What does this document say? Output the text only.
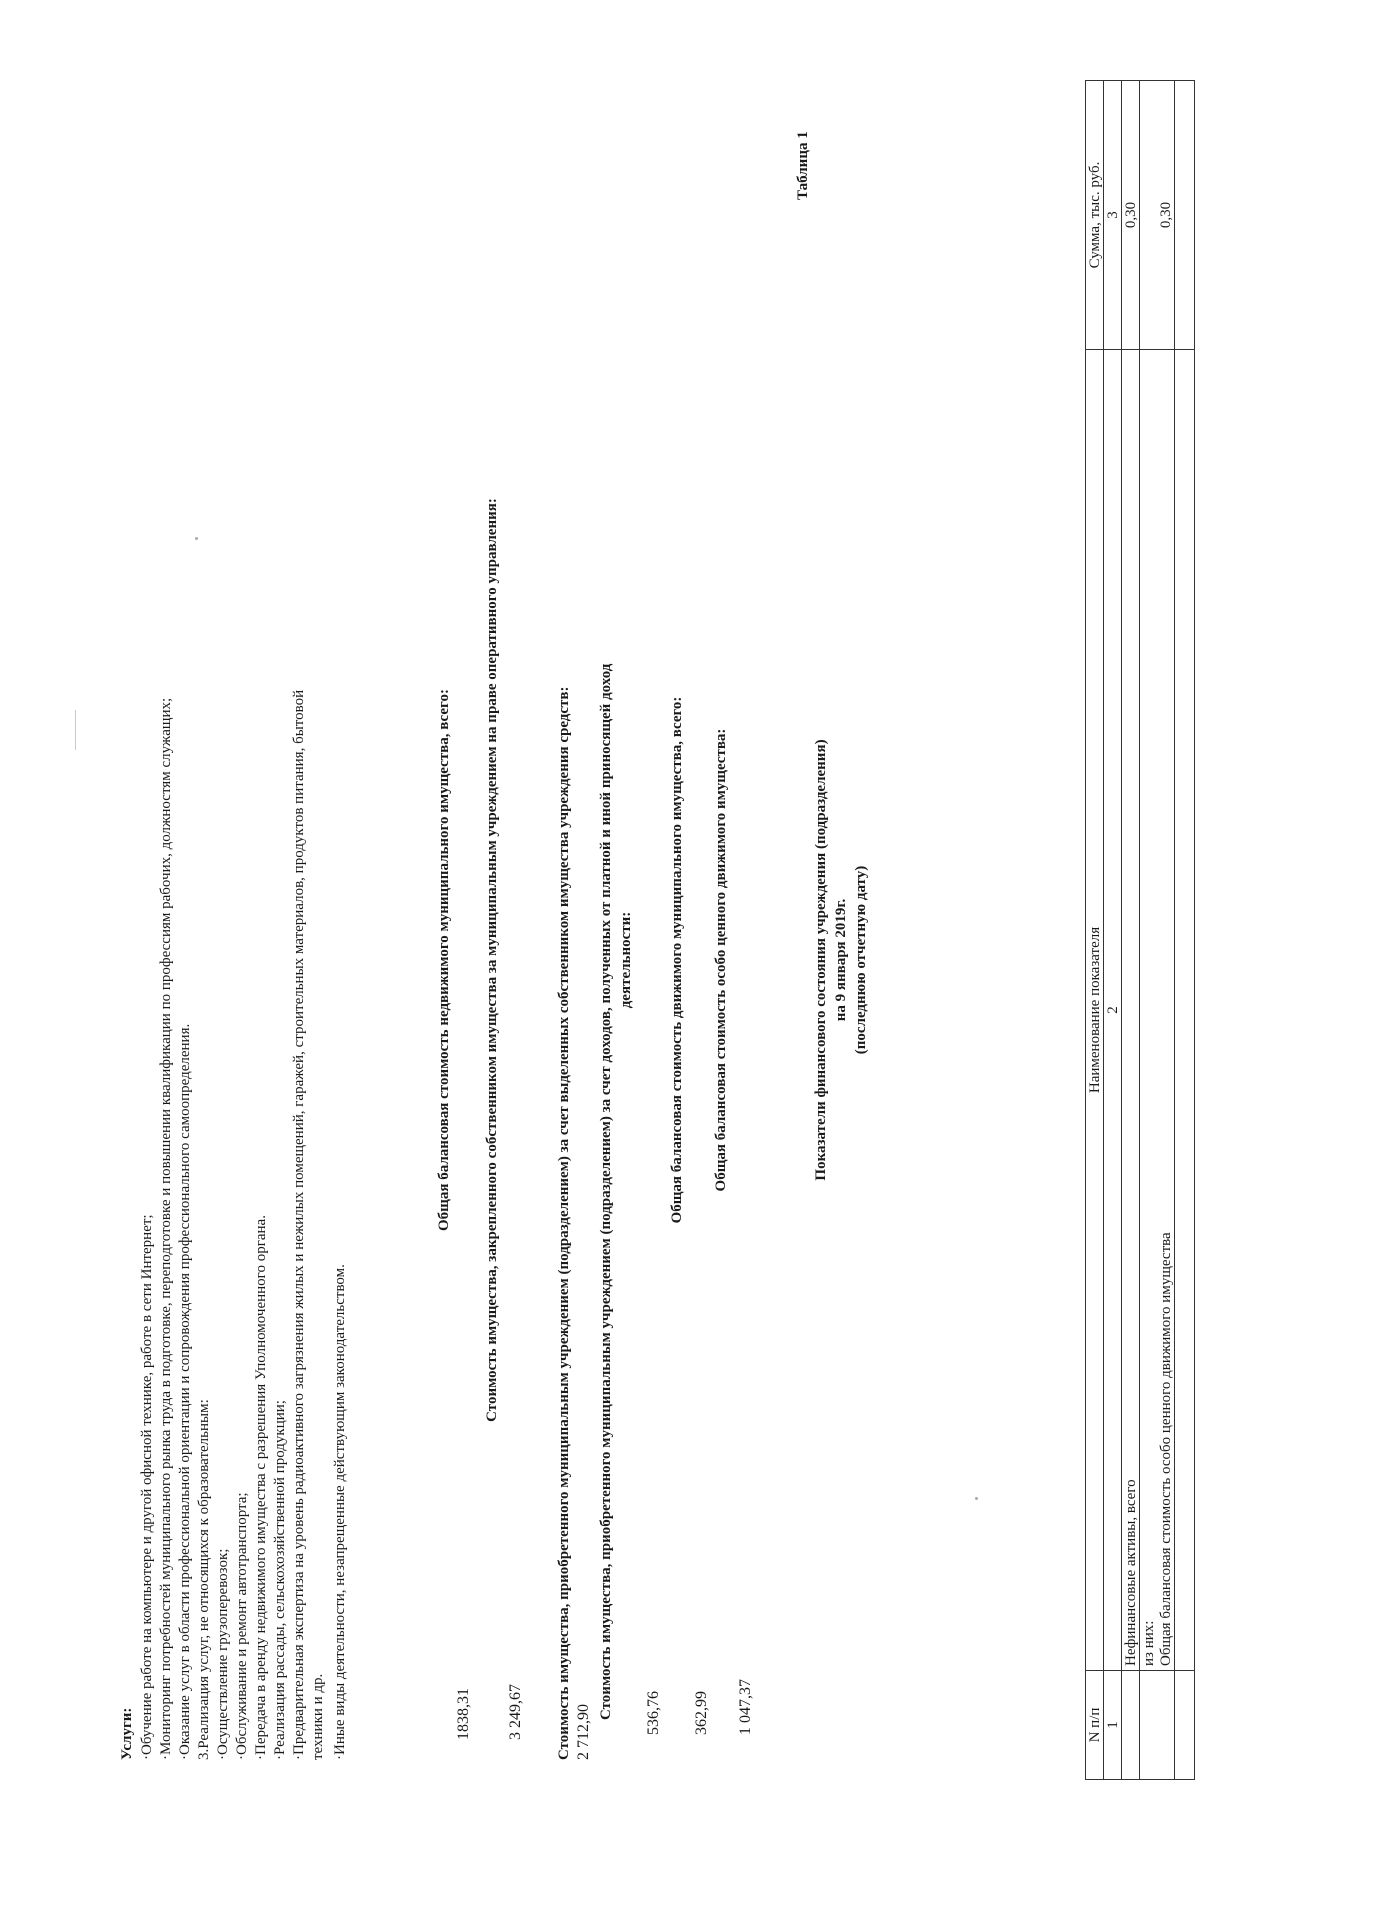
Услуги: ·Обучение работе на компьютере и другой офисной технике, работе в сети Интернет; ·Мониторинг потребностей муниципального рынка труда в подготовке, переподготовке и повышении квалификации по профессиям рабочих, должностям служащих; ·Оказание услуг в области профессиональной ориентации и сопровождения профессионального самоопределения. 3.Реализация услуг, не относящихся к образовательным: ·Осуществление грузоперевозок; ·Обслуживание и ремонт автотранспорта; ·Передача в аренду недвижимого имущества с разрешения Уполномоченного органа. ·Реализация рассады, сельскохозяйственной продукции; ·Предварительная экспертиза на уровень радиоактивного загрязнения жилых и нежилых помещений, гаражей, строительных материалов, продуктов питания, бытовой техники и др. ·Иные виды деятельности, незапрещенные действующим законодательством.
Общая балансовая стоимость недвижимого муниципального имущества, всего:
1838,31
Стоимость имущества, закрепленного собственником имущества за муниципальным учреждением на праве оперативного управления:
3 249,67 Стоимость имущества, приобретенного муниципальным учреждением (подразделением) за счет выделенных собственником имущества учреждения средств: 2 712,90
Стоимость имущества, приобретенного муниципальным учреждением (подразделением) за счет доходов, полученных от платной и иной приносящей доход деятельности:
536,76
Общая балансовая стоимость движимого муниципального имущества, всего:
362,99
Общая балансовая стоимость особо ценного движимого имущества:
1 047,37
Таблица 1
Показатели финансового состояния учреждения (подразделения) на 9 января 2019г. (последнюю отчетную дату)
N п/п	Наименование показателя	Сумма, тыс. руб.
1	2	3
	Нефинансовые активы, всего	0,30
	из них:	
	Общая балансовая стоимость особо ценного движимого имущества	0,30
